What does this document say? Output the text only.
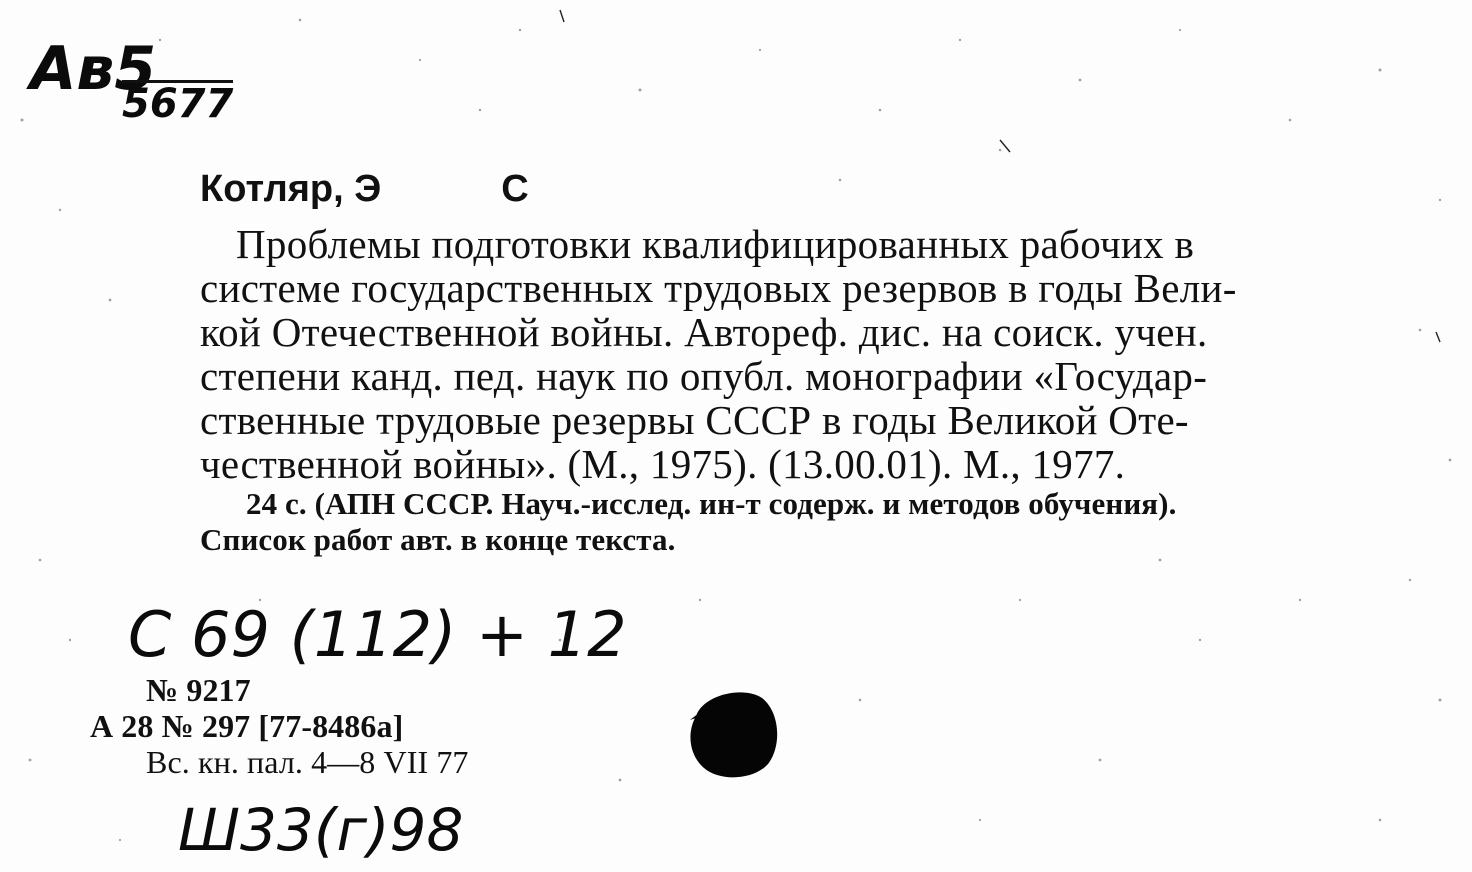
Aв5
5677
Котляр, Э	С
Проблемы подготовки квалифицированных рабочих в
системе государственных трудовых резервов в годы Вели-
кой Отечественной войны. Автореф. дис. на соиск. учен.
степени канд. пед. наук по опубл. монографии «Государ-
ственные трудовые резервы СССР в годы Великой Оте-
чественной войны». (М., 1975). (13.00.01). М., 1977.
24 с. (АПН СССР. Науч.-исслед. ин-т содерж. и методов обучения).
Список работ авт. в конце текста.
С 69 (112) + 12
№ 9217
А 28 № 297 [77-8486а]
Вс. кн. пал. 4—8 VII 77
Ш33(г)98
